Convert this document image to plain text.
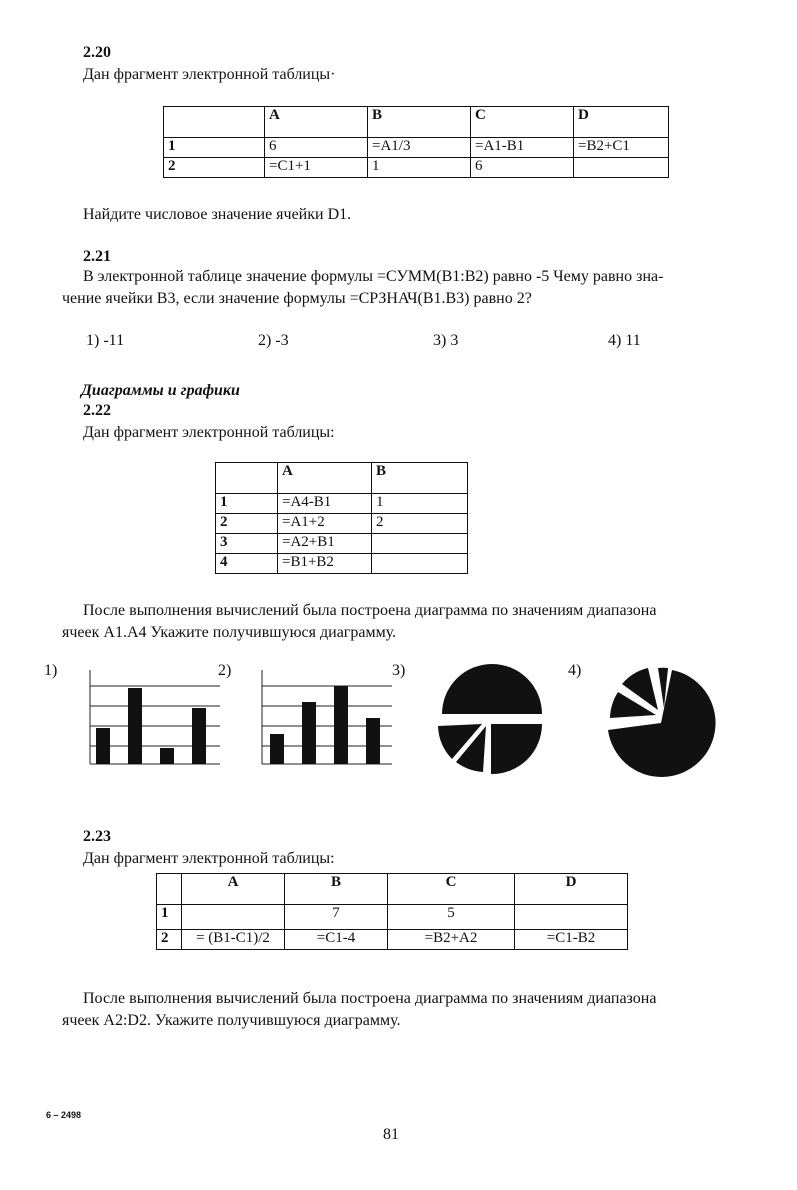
2.20
Дан фрагмент электронной таблицы·
	A	B	C	D
1	6	=A1/3	=A1-B1	=B2+C1
2	=C1+1	1	6	
Найдите числовое значение ячейки D1.
2.21
В электронной таблице значение формулы =СУММ(B1:B2) равно -5 Чему равно зна-
чение ячейки В3, если значение формулы =СРЗНАЧ(В1.В3) равно 2?
1) -11	2) -3	3) 3	4) 11
Диаграммы и графики
2.22
Дан фрагмент электронной таблицы:
	A	B
1	=A4-B1	1
2	=A1+2	2
3	=A2+B1	
4	=B1+B2	
После выполнения вычислений была построена диаграмма по значениям диапазона
ячеек А1.А4 Укажите получившуюся диаграмму.
1)	2)	3)	4)
2.23
Дан фрагмент электронной таблицы:
	A	B	C	D
1		7	5	
2	= (B1-C1)/2	=C1-4	=B2+A2	=C1-B2
После выполнения вычислений была построена диаграмма по значениям диапазона
ячеек A2:D2. Укажите получившуюся диаграмму.
6 – 2498
81
